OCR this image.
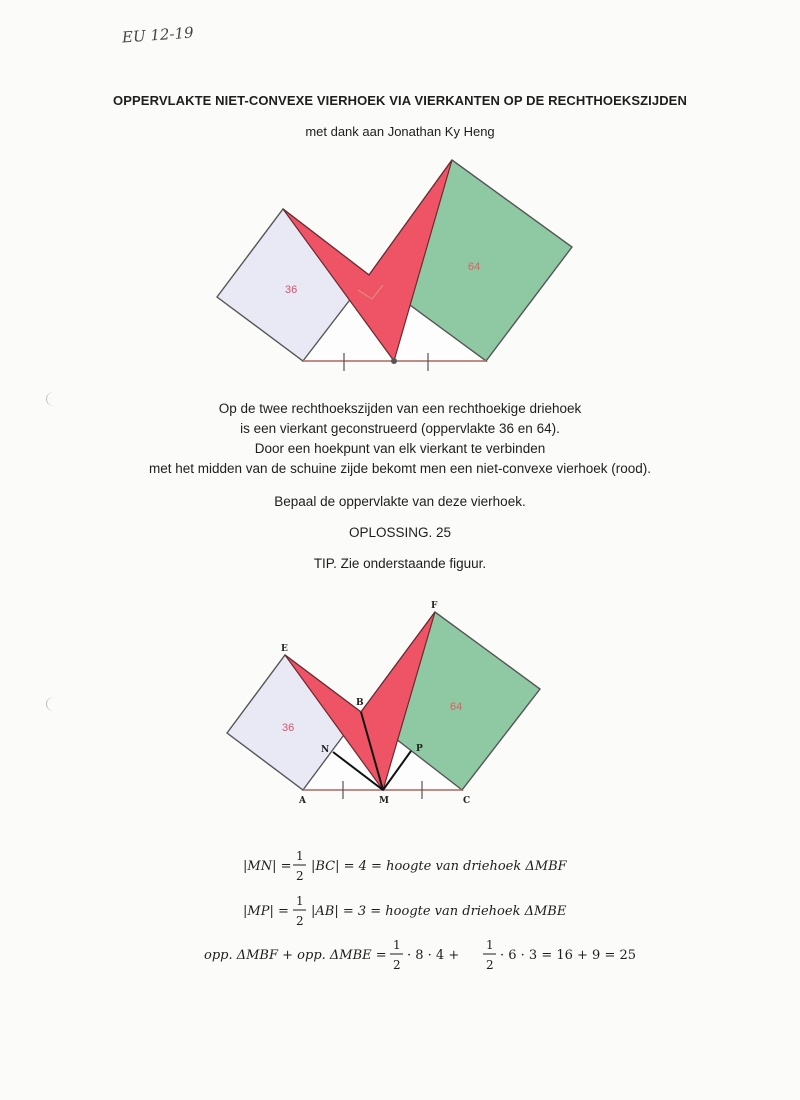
EU 12-19
OPPERVLAKTE NIET-CONVEXE VIERHOEK VIA VIERKANTEN OP DE RECHTHOEKSZIJDEN
met dank aan Jonathan Ky Heng
36
64
Op de twee rechthoekszijden van een rechthoekige driehoek
is een vierkant geconstrueerd (oppervlakte 36 en 64).
Door een hoekpunt van elk vierkant te verbinden
met het midden van de schuine zijde bekomt men een niet-convexe vierhoek (rood).
Bepaal de oppervlakte van deze vierhoek.
OPLOSSING. 25
TIP. Zie onderstaande figuur.
36
64
E
F
B
N	P
A	M	C
|MN| =
1
2
|BC| = 4 = hoogte van driehoek ΔMBF
|MP| =
1
2
|AB| = 3 = hoogte van driehoek ΔMBE
opp. ΔMBF + opp. ΔMBE =
1
2
· 8 · 4 +
1
2
· 6 · 3 = 16 + 9 = 25
